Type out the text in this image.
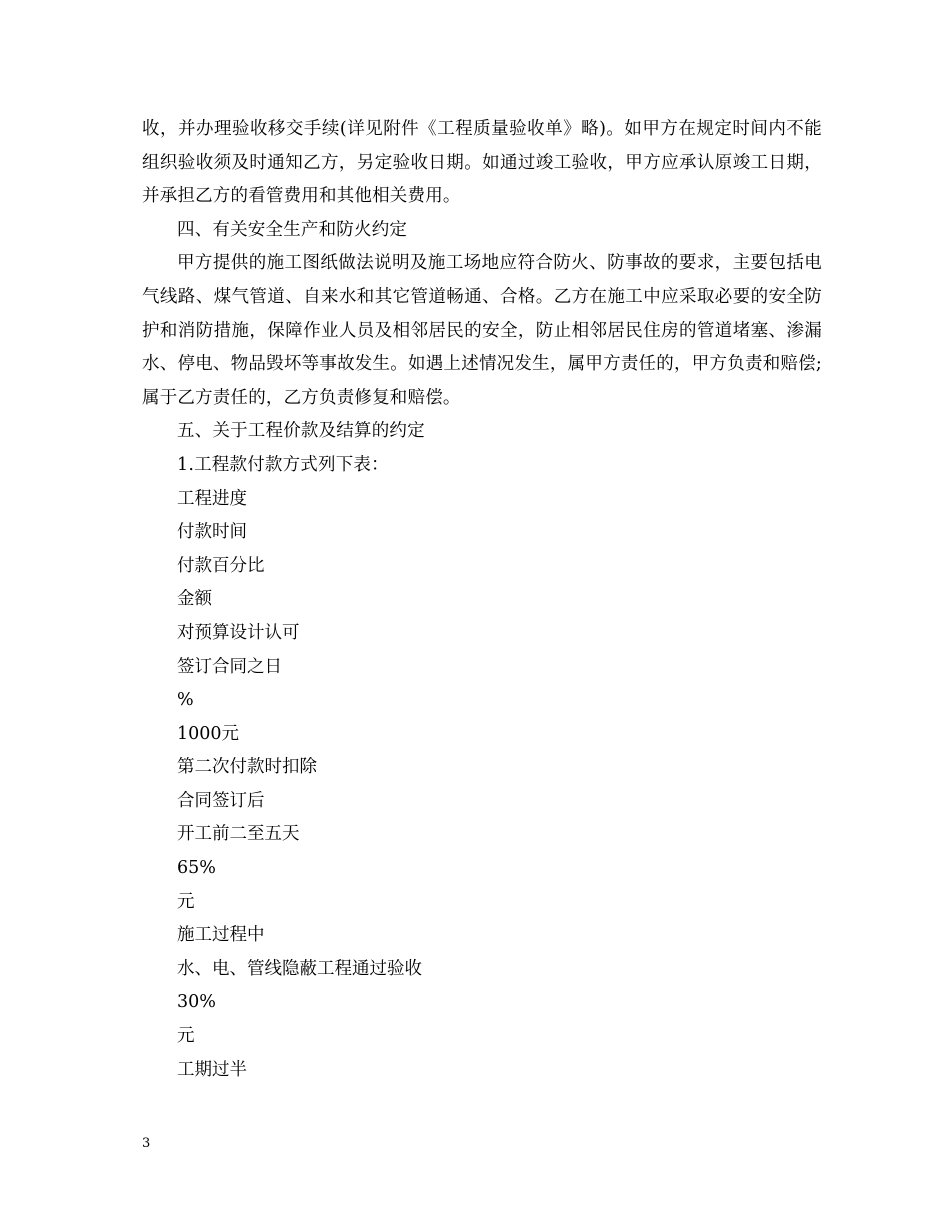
收，并办理验收移交手续(详见附件《工程质量验收单》略)。如甲方在规定时间内不能组织验收须及时通知乙方，另定验收日期。如通过竣工验收，甲方应承认原竣工日期，并承担乙方的看管费用和其他相关费用。

四、有关安全生产和防火约定

甲方提供的施工图纸做法说明及施工场地应符合防火、防事故的要求，主要包括电气线路、煤气管道、自来水和其它管道畅通、合格。乙方在施工中应采取必要的安全防护和消防措施，保障作业人员及相邻居民的安全，防止相邻居民住房的管道堵塞、渗漏水、停电、物品毁坏等事故发生。如遇上述情况发生，属甲方责任的，甲方负责和赔偿;属于乙方责任的，乙方负责修复和赔偿。

五、关于工程价款及结算的约定

1.工程款付款方式列下表：

工程进度

付款时间

付款百分比

金额

对预算设计认可

签订合同之日

%

1000元

第二次付款时扣除

合同签订后

开工前二至五天

65%

元

施工过程中

水、电、管线隐蔽工程通过验收

30%

元

工期过半

3
